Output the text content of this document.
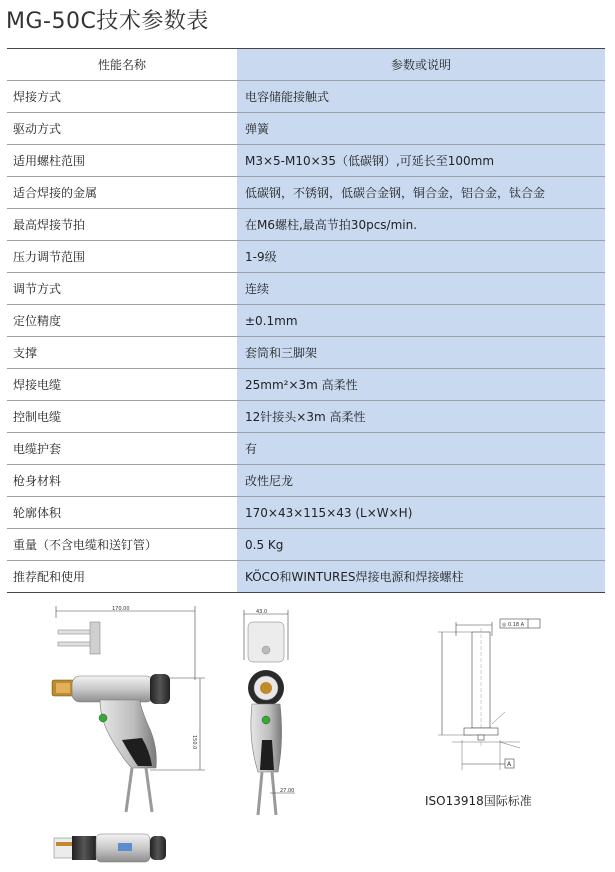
MG-50C技术参数表
性能名称	参数或说明
焊接方式	电容储能接触式
驱动方式	弹簧
适用螺柱范围	M3×5-M10×35（低碳钢）,可延长至100mm
适合焊接的金属	低碳钢，不锈钢，低碳合金钢，铜合金，铝合金，钛合金
最高焊接节拍	在M6螺柱,最高节拍30pcs/min.
压力调节范围	1-9级
调节方式	连续
定位精度	±0.1mm
支撑	套筒和三脚架
焊接电缆	25mm²×3m 高柔性
控制电缆	12针接头×3m 高柔性
电缆护套	有
枪身材料	改性尼龙
轮廓体积	170×43×115×43 (L×W×H)
重量（不含电缆和送钉管）	0.5 Kg
推荐配和使用	KÖCO和WINTURES焊接电源和焊接螺柱
170.00
150.0
43.0
27.00
◎ 0.18 A
A
ISO13918国际标准
